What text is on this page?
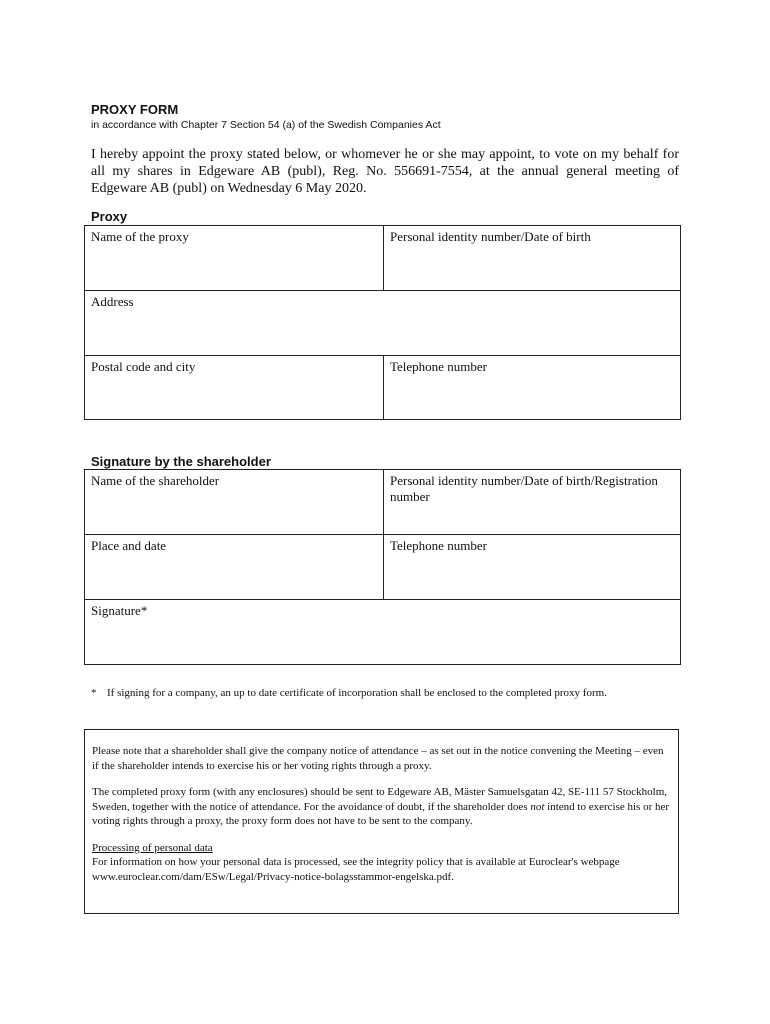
PROXY FORM
in accordance with Chapter 7 Section 54 (a) of the Swedish Companies Act
I hereby appoint the proxy stated below, or whomever he or she may appoint, to vote on my behalf for all my shares in Edgeware AB (publ), Reg. No. 556691-7554, at the annual general meeting of Edgeware AB (publ) on Wednesday 6 May 2020.
Proxy
Name of the proxy	Personal identity number/Date of birth
Address	
Postal code and city	Telephone number
Signature by the shareholder
Name of the shareholder	Personal identity number/Date of birth/Registration number
Place and date	Telephone number
Signature*	
* If signing for a company, an up to date certificate of incorporation shall be enclosed to the completed proxy form.

Please note that a shareholder shall give the company notice of attendance – as set out in the notice convening the Meeting – even if the shareholder intends to exercise his or her voting rights through a proxy.

The completed proxy form (with any enclosures) should be sent to Edgeware AB, Mäster Samuelsgatan 42, SE-111 57 Stockholm, Sweden, together with the notice of attendance. For the avoidance of doubt, if the shareholder does not intend to exercise his or her voting rights through a proxy, the proxy form does not have to be sent to the company.

Processing of personal data
For information on how your personal data is processed, see the integrity policy that is available at Euroclear's webpage www.euroclear.com/dam/ESw/Legal/Privacy-notice-bolagsstammor-engelska.pdf.
